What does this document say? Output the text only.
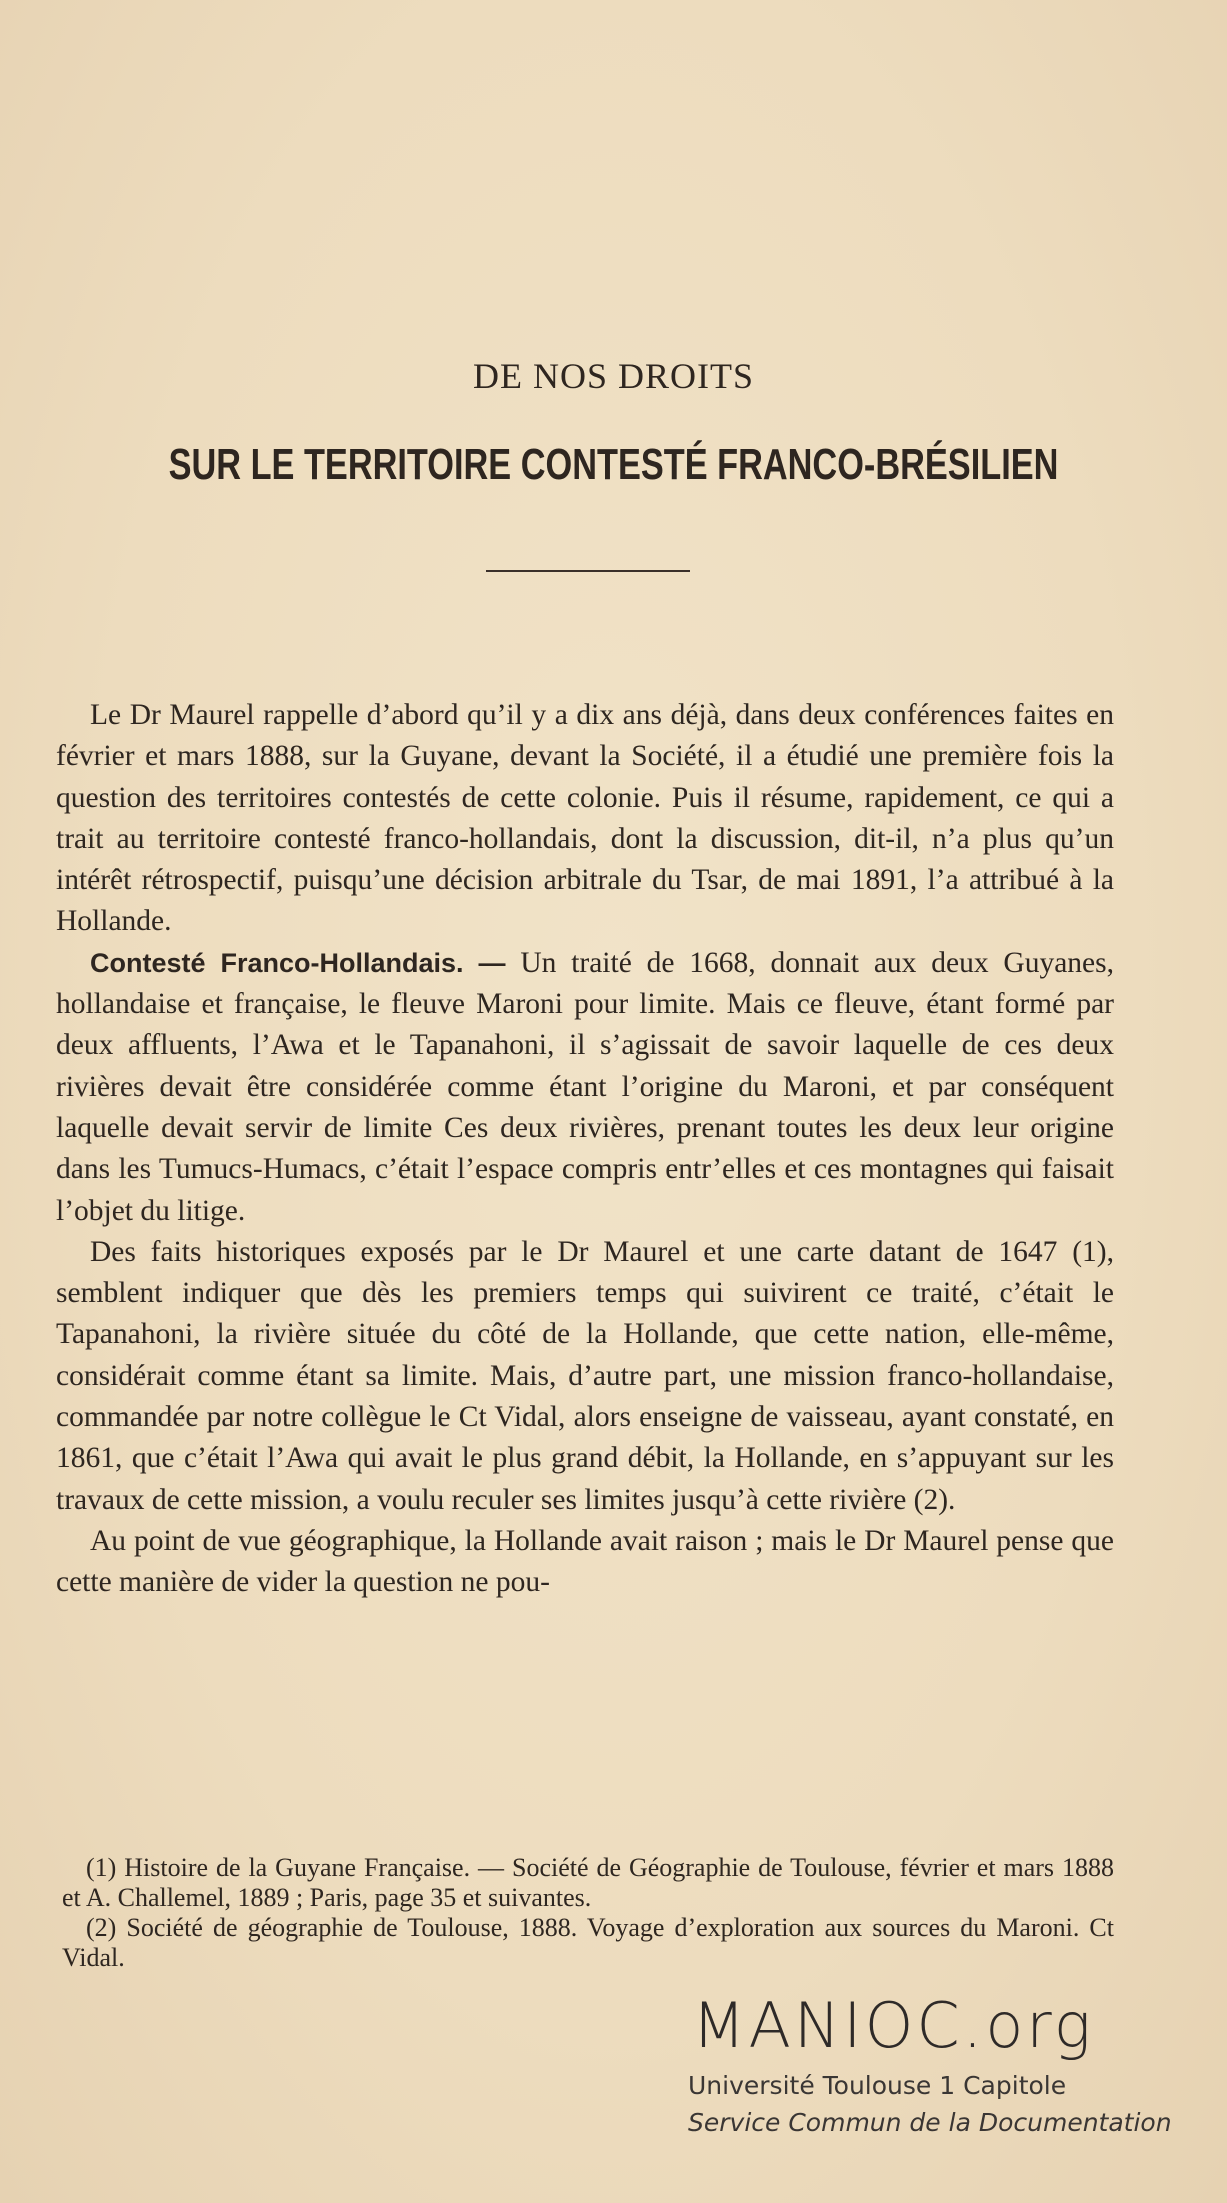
DE NOS DROITS
SUR LE TERRITOIRE CONTESTÉ FRANCO-BRÉSILIEN

Le Dr Maurel rappelle d’abord qu’il y a dix ans déjà, dans deux conférences faites en février et mars 1888, sur la Guyane, devant la Société, il a étudié une première fois la question des territoires contestés de cette colonie. Puis il résume, rapidement, ce qui a trait au territoire contesté franco-hollandais, dont la discussion, dit-il, n’a plus qu’un intérêt rétrospectif, puisqu’une décision arbitrale du Tsar, de mai 1891, l’a attribué à la Hollande.

Contesté Franco-Hollandais. — Un traité de 1668, donnait aux deux Guyanes, hollandaise et française, le fleuve Maroni pour limite. Mais ce fleuve, étant formé par deux affluents, l’Awa et le Tapanahoni, il s’agissait de savoir laquelle de ces deux rivières devait être considérée comme étant l’origine du Maroni, et par conséquent laquelle devait servir de limite Ces deux rivières, prenant toutes les deux leur origine dans les Tumucs-Humacs, c’était l’espace compris entr’elles et ces montagnes qui faisait l’objet du litige.

Des faits historiques exposés par le Dr Maurel et une carte datant de 1647 (1), semblent indiquer que dès les premiers temps qui suivirent ce traité, c’était le Tapanahoni, la rivière située du côté de la Hollande, que cette nation, elle-même, considérait comme étant sa limite. Mais, d’autre part, une mission franco-hollandaise, commandée par notre collègue le Ct Vidal, alors enseigne de vaisseau, ayant constaté, en 1861, que c’était l’Awa qui avait le plus grand débit, la Hollande, en s’appuyant sur les travaux de cette mission, a voulu reculer ses limites jusqu’à cette rivière (2).

Au point de vue géographique, la Hollande avait raison ; mais le Dr Maurel pense que cette manière de vider la question ne pou-

(1) Histoire de la Guyane Française. — Société de Géographie de Toulouse, février et mars 1888 et A. Challemel, 1889 ; Paris, page 35 et suivantes.

(2) Société de géographie de Toulouse, 1888. Voyage d’exploration aux sources du Maroni. Ct Vidal.

MANIOC.org
Université Toulouse 1 Capitole
Service Commun de la Documentation
